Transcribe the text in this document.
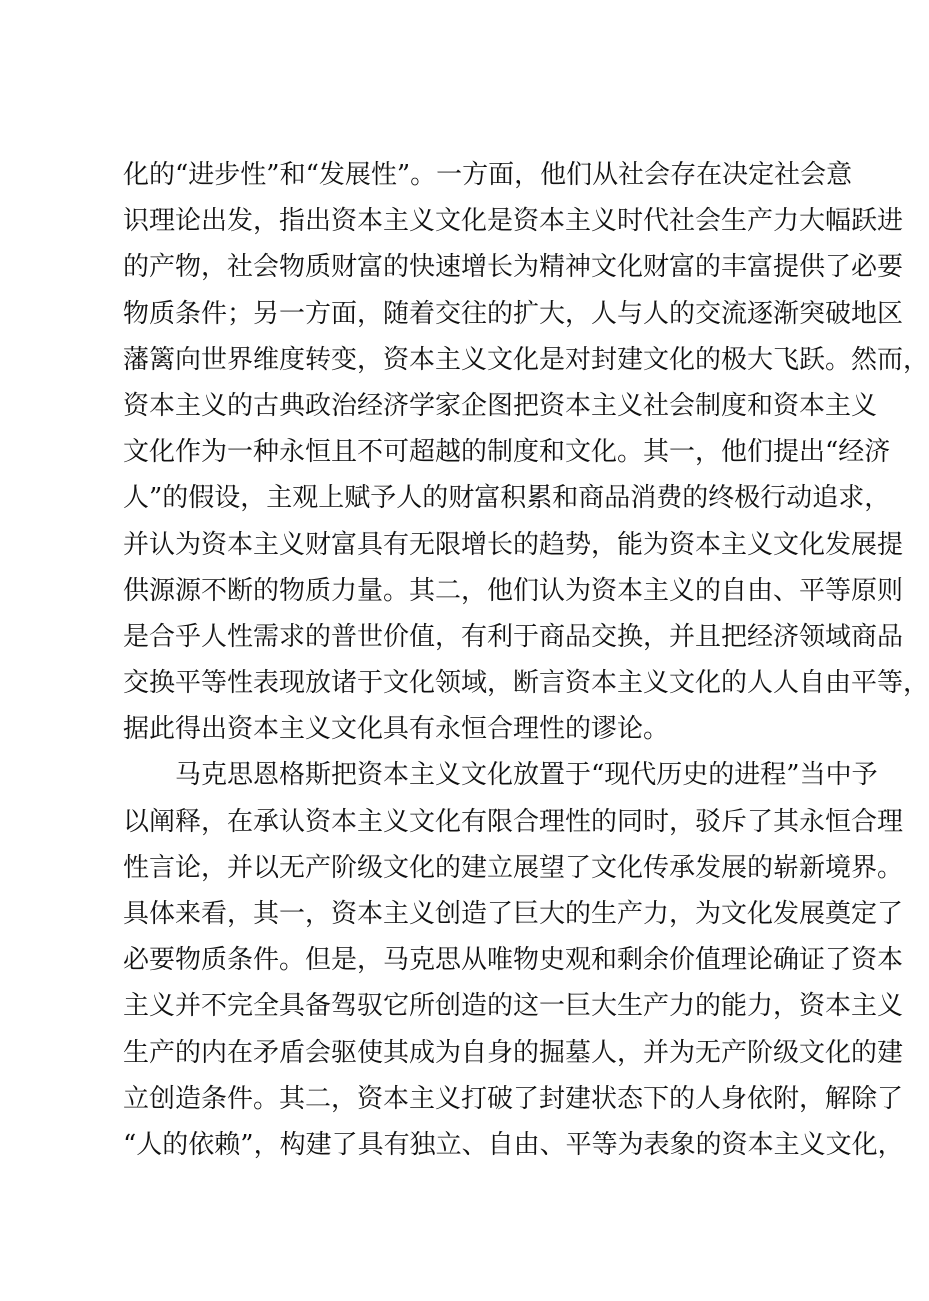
化的“进步性”和“发展性”。一方面，他们从社会存在决定社会意
识理论出发，指出资本主义文化是资本主义时代社会生产力大幅跃进
的产物，社会物质财富的快速增长为精神文化财富的丰富提供了必要
物质条件；另一方面，随着交往的扩大，人与人的交流逐渐突破地区
藩篱向世界维度转变，资本主义文化是对封建文化的极大飞跃。然而，
资本主义的古典政治经济学家企图把资本主义社会制度和资本主义
文化作为一种永恒且不可超越的制度和文化。其一，他们提出“经济
人”的假设，主观上赋予人的财富积累和商品消费的终极行动追求，
并认为资本主义财富具有无限增长的趋势，能为资本主义文化发展提
供源源不断的物质力量。其二，他们认为资本主义的自由、平等原则
是合乎人性需求的普世价值，有利于商品交换，并且把经济领域商品
交换平等性表现放诸于文化领域，断言资本主义文化的人人自由平等，
据此得出资本主义文化具有永恒合理性的谬论。
马克思恩格斯把资本主义文化放置于“现代历史的进程”当中予
以阐释，在承认资本主义文化有限合理性的同时，驳斥了其永恒合理
性言论，并以无产阶级文化的建立展望了文化传承发展的崭新境界。
具体来看，其一，资本主义创造了巨大的生产力，为文化发展奠定了
必要物质条件。但是，马克思从唯物史观和剩余价值理论确证了资本
主义并不完全具备驾驭它所创造的这一巨大生产力的能力，资本主义
生产的内在矛盾会驱使其成为自身的掘墓人，并为无产阶级文化的建
立创造条件。其二，资本主义打破了封建状态下的人身依附，解除了
“人的依赖”，构建了具有独立、自由、平等为表象的资本主义文化，
